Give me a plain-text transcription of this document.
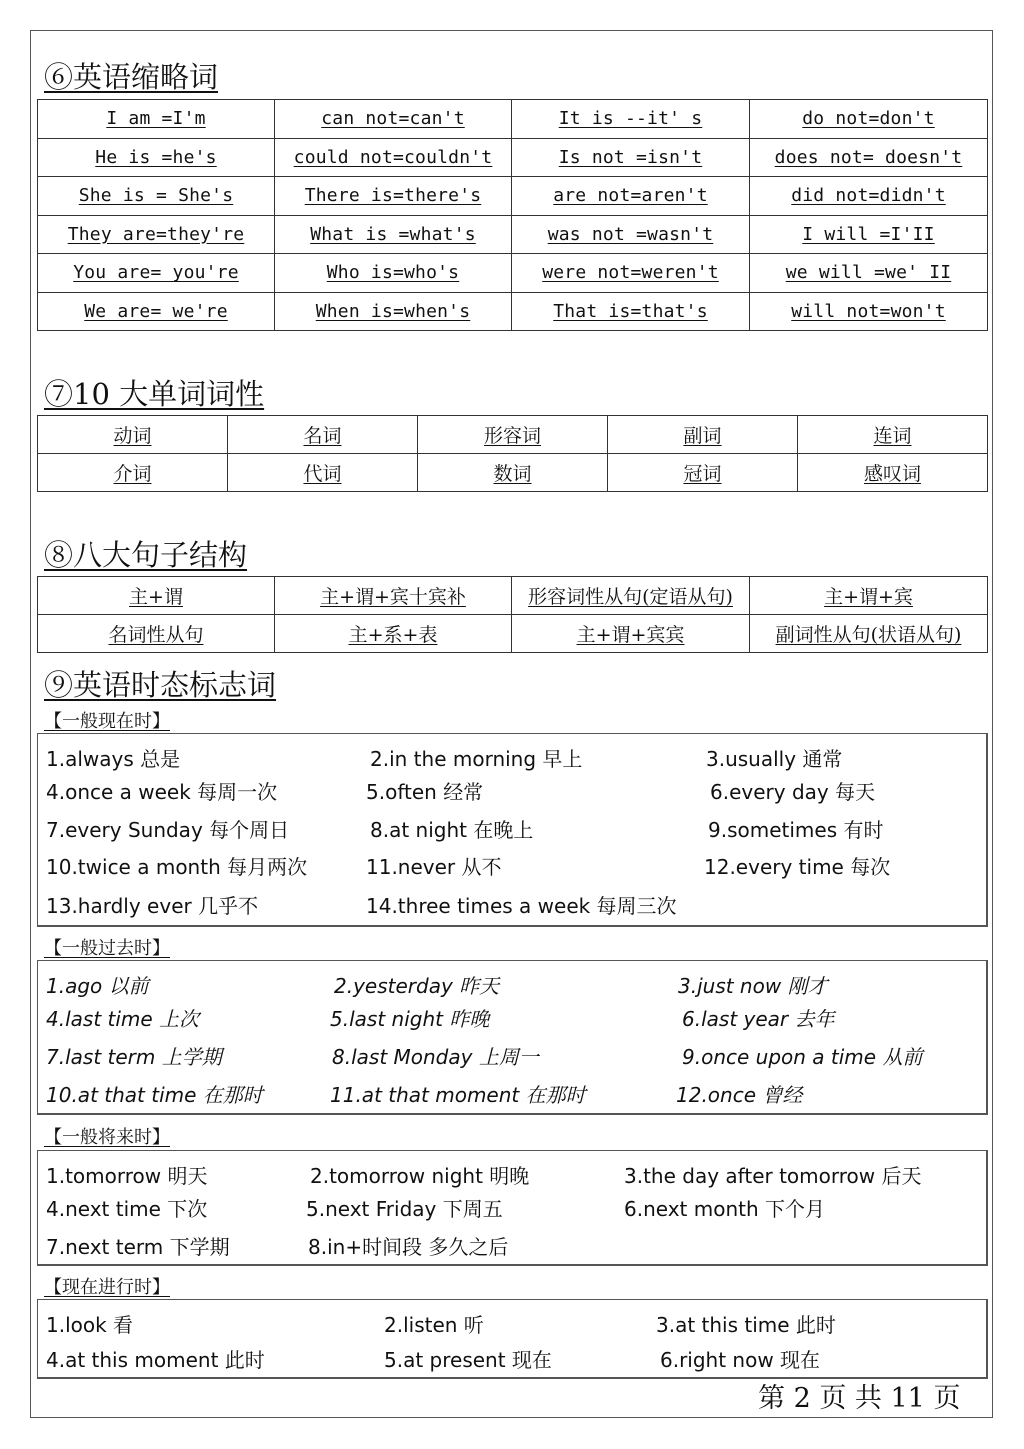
⑥英语缩略词
I am =I'm	can not=can't	It is --it' s	do not=don't
He is =he's	could not=couldn't	Is not =isn't	does not= doesn't
She is = She's	There is=there's	are not=aren't	did not=didn't
They are=they're	What is =what's	was not =wasn't	I will =I'II
You are= you're	Who is=who's	were not=weren't	we will =we' II
We are= we're	When is=when's	That is=that's	will not=won't
⑦10 大单词词性
动词	名词	形容词	副词	连词
介词	代词	数词	冠词	感叹词
⑧八大句子结构
主+谓	主+谓+宾十宾补	形容词性从句(定语从句)	主+谓+宾
名词性从句	主+系+表	主+谓+宾宾	副词性从句(状语从句)
⑨英语时态标志词
【一般现在时】
1.always 总是	2.in the morning 早上	3.usually 通常
4.once a week 每周一次	5.often 经常	6.every day 每天
7.every Sunday 每个周日	8.at night 在晚上	9.sometimes 有时
10.twice a month 每月两次	11.never 从不	12.every time 每次
13.hardly ever 几乎不	14.three times a week 每周三次
【一般过去时】
1.ago 以前	2.yesterday 昨天	3.just now 刚才
4.last time 上次	5.last night 昨晚	6.last year 去年
7.last term 上学期	8.last Monday 上周一	9.once upon a time 从前
10.at that time 在那时	11.at that moment 在那时	12.once 曾经
【一般将来时】
1.tomorrow 明天	2.tomorrow night 明晚	3.the day after tomorrow 后天
4.next time 下次	5.next Friday 下周五	6.next month 下个月
7.next term 下学期	8.in+时间段 多久之后
【现在进行时】
1.look 看	2.listen 听	3.at this time 此时
4.at this moment 此时	5.at present 现在	6.right now 现在
第 2 页 共 11 页
